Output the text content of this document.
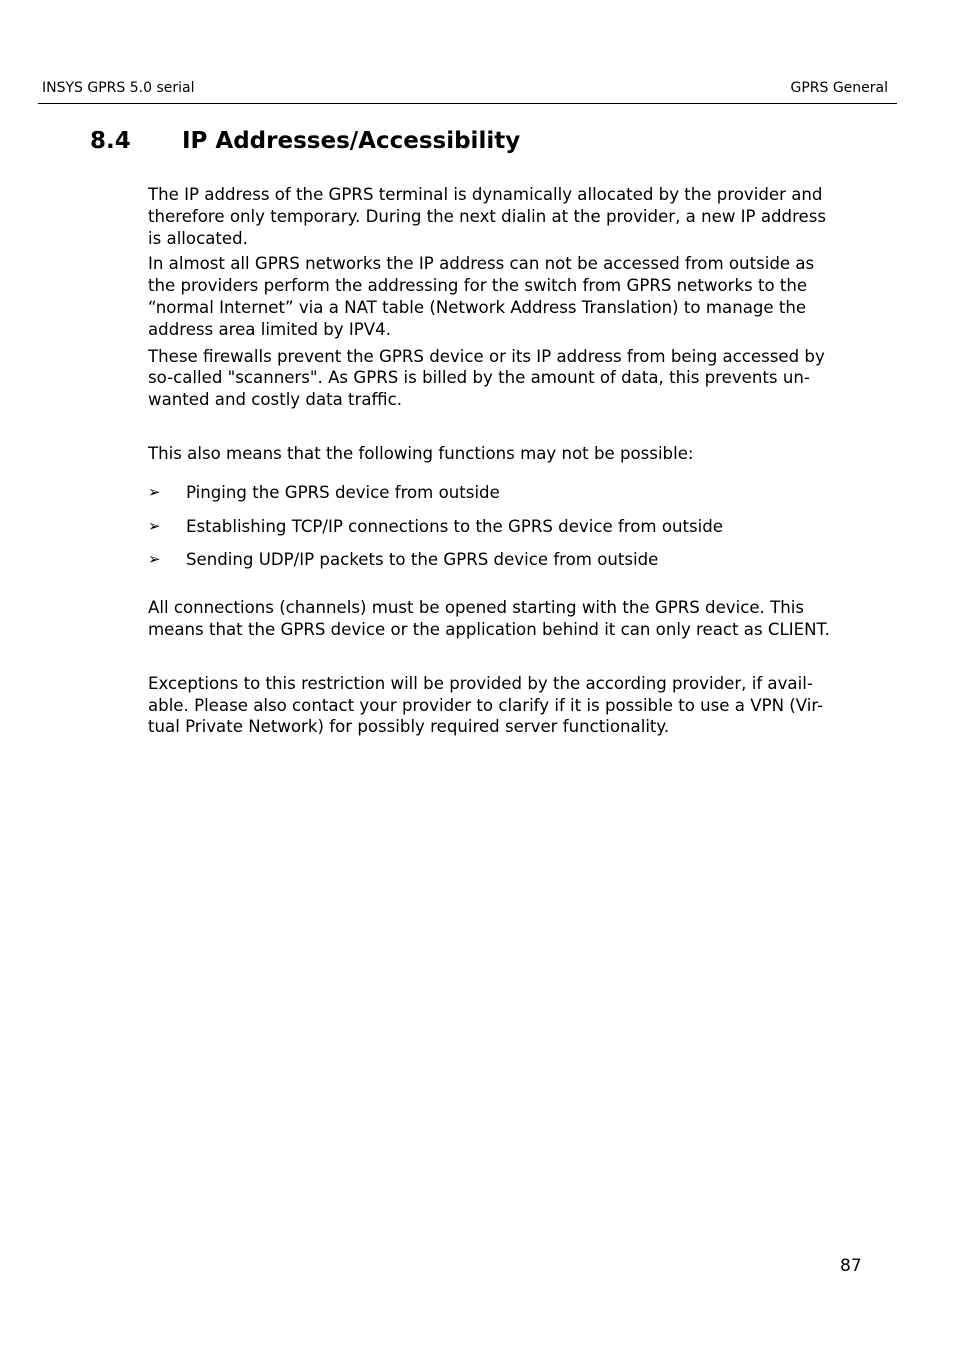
INSYS GPRS 5.0 serial	GPRS General
8.4 IP Addresses/Accessibility

The IP address of the GPRS terminal is dynamically allocated by the provider and therefore only temporary. During the next dialin at the provider, a new IP address is allocated.

In almost all GPRS networks the IP address can not be accessed from outside as the providers perform the addressing for the switch from GPRS networks to the “normal Internet” via a NAT table (Network Address Translation) to manage the address area limited by IPV4.

These firewalls prevent the GPRS device or its IP address from being accessed by so-called "scanners". As GPRS is billed by the amount of data, this prevents un-wanted and costly data traffic.

This also means that the following functions may not be possible:

➢ Pinging the GPRS device from outside
➢ Establishing TCP/IP connections to the GPRS device from outside
➢ Sending UDP/IP packets to the GPRS device from outside

All connections (channels) must be opened starting with the GPRS device. This means that the GPRS device or the application behind it can only react as CLIENT.

Exceptions to this restriction will be provided by the according provider, if avail-able. Please also contact your provider to clarify if it is possible to use a VPN (Vir-tual Private Network) for possibly required server functionality.

87
